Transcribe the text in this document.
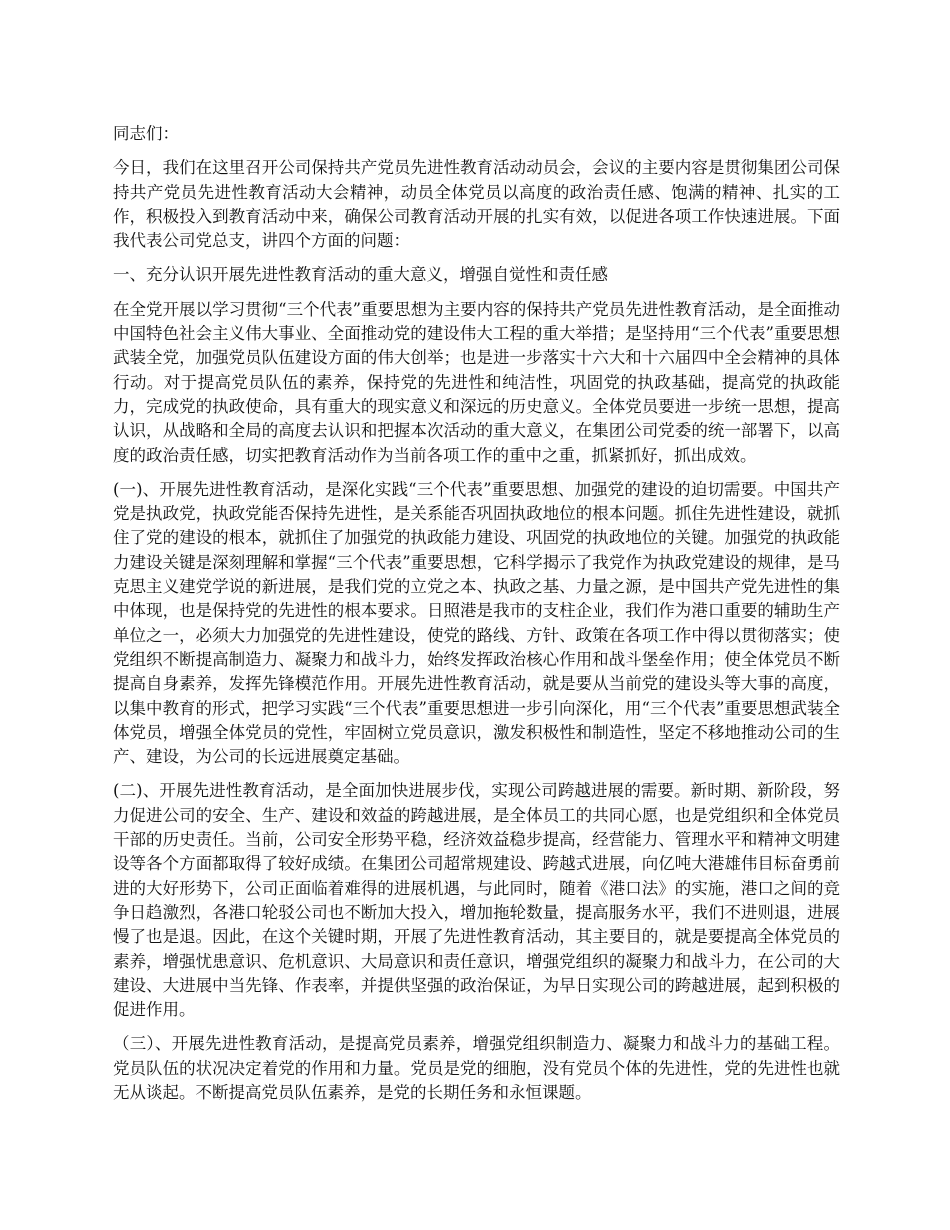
同志们：

今日，我们在这里召开公司保持共产党员先进性教育活动动员会，会议的主要内容是贯彻集团公司保持共产党员先进性教育活动大会精神，动员全体党员以高度的政治责任感、饱满的精神、扎实的工作，积极投入到教育活动中来，确保公司教育活动开展的扎实有效，以促进各项工作快速进展。下面我代表公司党总支，讲四个方面的问题：

一、充分认识开展先进性教育活动的重大意义，增强自觉性和责任感

在全党开展以学习贯彻“三个代表”重要思想为主要内容的保持共产党员先进性教育活动，是全面推动中国特色社会主义伟大事业、全面推动党的建设伟大工程的重大举措；是坚持用“三个代表”重要思想武装全党，加强党员队伍建设方面的伟大创举；也是进一步落实十六大和十六届四中全会精神的具体行动。对于提高党员队伍的素养，保持党的先进性和纯洁性，巩固党的执政基础，提高党的执政能力，完成党的执政使命，具有重大的现实意义和深远的历史意义。全体党员要进一步统一思想，提高认识，从战略和全局的高度去认识和把握本次活动的重大意义，在集团公司党委的统一部署下，以高度的政治责任感，切实把教育活动作为当前各项工作的重中之重，抓紧抓好，抓出成效。

(一)、开展先进性教育活动，是深化实践“三个代表”重要思想、加强党的建设的迫切需要。中国共产党是执政党，执政党能否保持先进性，是关系能否巩固执政地位的根本问题。抓住先进性建设，就抓住了党的建设的根本，就抓住了加强党的执政能力建设、巩固党的执政地位的关键。加强党的执政能力建设关键是深刻理解和掌握“三个代表”重要思想，它科学揭示了我党作为执政党建设的规律，是马克思主义建党学说的新进展，是我们党的立党之本、执政之基、力量之源，是中国共产党先进性的集中体现，也是保持党的先进性的根本要求。日照港是我市的支柱企业，我们作为港口重要的辅助生产单位之一，必须大力加强党的先进性建设，使党的路线、方针、政策在各项工作中得以贯彻落实；使党组织不断提高制造力、凝聚力和战斗力，始终发挥政治核心作用和战斗堡垒作用；使全体党员不断提高自身素养，发挥先锋模范作用。开展先进性教育活动，就是要从当前党的建设头等大事的高度，以集中教育的形式，把学习实践“三个代表”重要思想进一步引向深化，用“三个代表”重要思想武装全体党员，增强全体党员的党性，牢固树立党员意识，激发积极性和制造性，坚定不移地推动公司的生产、建设，为公司的长远进展奠定基础。

(二)、开展先进性教育活动，是全面加快进展步伐，实现公司跨越进展的需要。新时期、新阶段，努力促进公司的安全、生产、建设和效益的跨越进展，是全体员工的共同心愿，也是党组织和全体党员干部的历史责任。当前，公司安全形势平稳，经济效益稳步提高，经营能力、管理水平和精神文明建设等各个方面都取得了较好成绩。在集团公司超常规建设、跨越式进展，向亿吨大港雄伟目标奋勇前进的大好形势下，公司正面临着难得的进展机遇，与此同时，随着《港口法》的实施，港口之间的竞争日趋激烈，各港口轮驳公司也不断加大投入，增加拖轮数量，提高服务水平，我们不进则退，进展慢了也是退。因此，在这个关键时期，开展了先进性教育活动，其主要目的，就是要提高全体党员的素养，增强忧患意识、危机意识、大局意识和责任意识，增强党组织的凝聚力和战斗力，在公司的大建设、大进展中当先锋、作表率，并提供坚强的政治保证，为早日实现公司的跨越进展，起到积极的促进作用。

（三）、开展先进性教育活动，是提高党员素养，增强党组织制造力、凝聚力和战斗力的基础工程。党员队伍的状况决定着党的作用和力量。党员是党的细胞，没有党员个体的先进性，党的先进性也就无从谈起。不断提高党员队伍素养，是党的长期任务和永恒课题。
